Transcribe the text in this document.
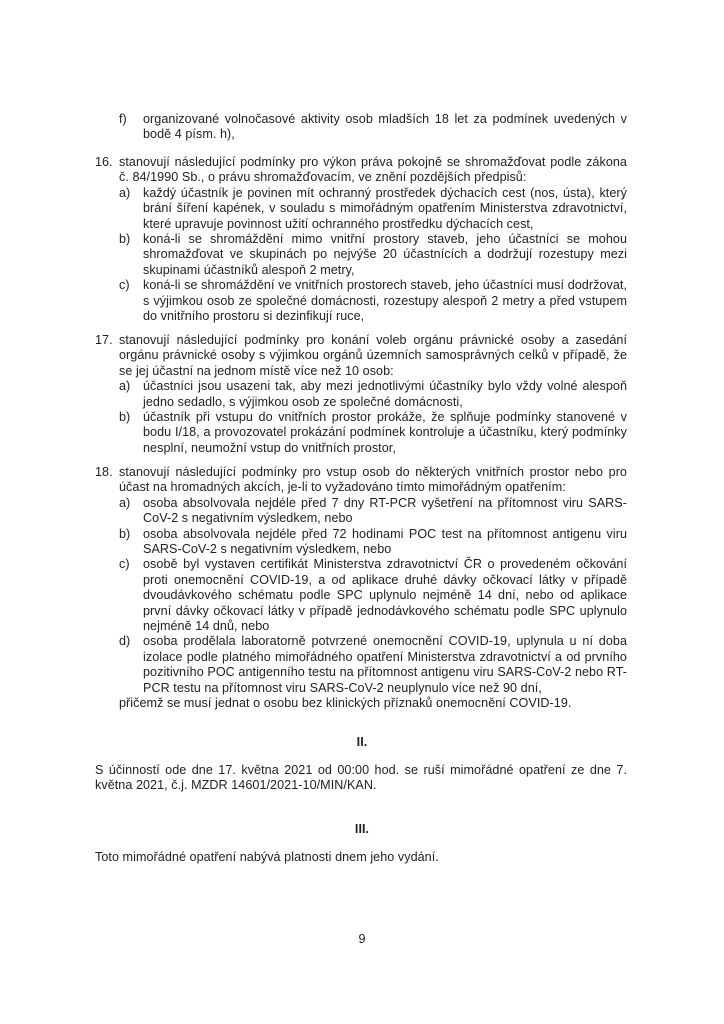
f) organizované volnočasové aktivity osob mladších 18 let za podmínek uvedených v bodě 4 písm. h),
16. stanovují následující podmínky pro výkon práva pokojně se shromažďovat podle zákona č. 84/1990 Sb., o právu shromažďovacím, ve znění pozdějších předpisů:
a) každý účastník je povinen mít ochranný prostředek dýchacích cest (nos, ústa), který brání šíření kapének, v souladu s mimořádným opatřením Ministerstva zdravotnictví, které upravuje povinnost užití ochranného prostředku dýchacích cest,
b) koná-li se shromáždění mimo vnitřní prostory staveb, jeho účastníci se mohou shromažďovat ve skupinách po nejvýše 20 účastnících a dodržují rozestupy mezi skupinami účastníků alespoň 2 metry,
c) koná-li se shromáždění ve vnitřních prostorech staveb, jeho účastníci musí dodržovat, s výjimkou osob ze společné domácnosti, rozestupy alespoň 2 metry a před vstupem do vnitřního prostoru si dezinfikují ruce,
17. stanovují následující podmínky pro konání voleb orgánu právnické osoby a zasedání orgánu právnické osoby s výjimkou orgánů územních samosprávných celků v případě, že se jej účastní na jednom místě více než 10 osob:
a) účastníci jsou usazeni tak, aby mezi jednotlivými účastníky bylo vždy volné alespoň jedno sedadlo, s výjimkou osob ze společné domácnosti,
b) účastník při vstupu do vnitřních prostor prokáže, že splňuje podmínky stanovené v bodu I/18, a provozovatel prokázání podmínek kontroluje a účastníku, který podmínky nesplní, neumožní vstup do vnitřních prostor,
18. stanovují následující podmínky pro vstup osob do některých vnitřních prostor nebo pro účast na hromadných akcích, je-li to vyžadováno tímto mimořádným opatřením:
a) osoba absolvovala nejdéle před 7 dny RT-PCR vyšetření na přítomnost viru SARS-CoV-2 s negativním výsledkem, nebo
b) osoba absolvovala nejdéle před 72 hodinami POC test na přítomnost antigenu viru SARS-CoV-2 s negativním výsledkem, nebo
c) osobě byl vystaven certifikát Ministerstva zdravotnictví ČR o provedeném očkování proti onemocnění COVID-19, a od aplikace druhé dávky očkovací látky v případě dvoudávkového schématu podle SPC uplynulo nejméně 14 dní, nebo od aplikace první dávky očkovací látky v případě jednodávkového schématu podle SPC uplynulo nejméně 14 dnů, nebo
d) osoba prodělala laboratorně potvrzené onemocnění COVID-19, uplynula u ní doba izolace podle platného mimořádného opatření Ministerstva zdravotnictví a od prvního pozitivního POC antigenního testu na přítomnost antigenu viru SARS-CoV-2 nebo RT-PCR testu na přítomnost viru SARS-CoV-2 neuplynulo více než 90 dní,
přičemž se musí jednat o osobu bez klinických příznaků onemocnění COVID-19.
II.
S účinností ode dne 17. května 2021 od 00:00 hod. se ruší mimořádné opatření ze dne 7. května 2021, č.j. MZDR 14601/2021-10/MIN/KAN.
III.
Toto mimořádné opatření nabývá platnosti dnem jeho vydání.
9
